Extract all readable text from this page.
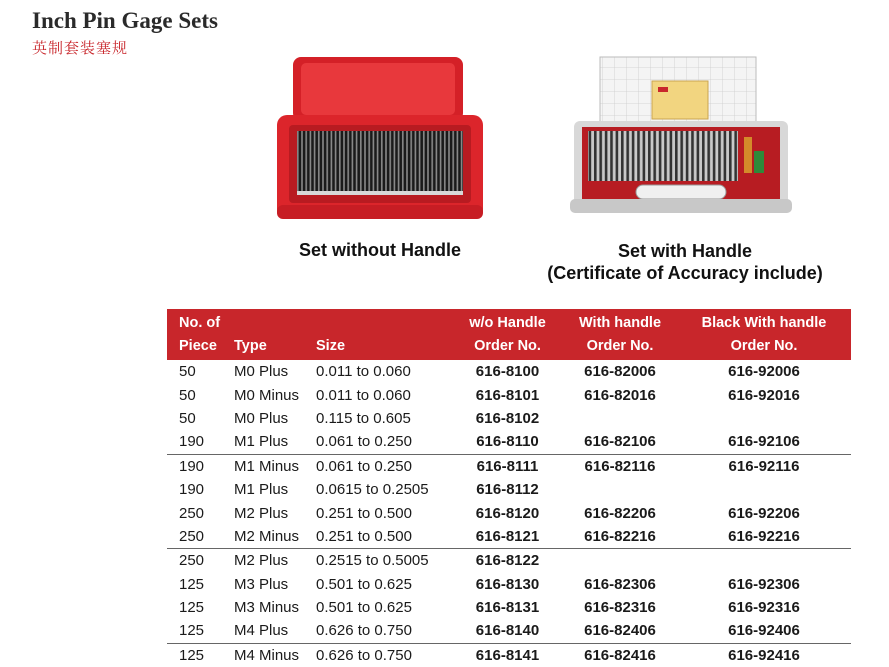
Inch Pin Gage Sets
英制套装塞规
Set without Handle	Set with Handle
(Certificate of Accuracy include)
No. of			w/o Handle	With handle	Black With handle
Piece	Type	Size	Order No.	Order No.	Order No.
50	M0 Plus	0.011 to 0.060	616-8100	616-82006	616-92006
50	M0 Minus	0.011 to 0.060	616-8101	616-82016	616-92016
50	M0 Plus	0.115 to 0.605	616-8102		
190	M1 Plus	0.061 to 0.250	616-8110	616-82106	616-92106
190	M1 Minus	0.061 to 0.250	616-8111	616-82116	616-92116
190	M1 Plus	0.0615 to 0.2505	616-8112		
250	M2 Plus	0.251 to 0.500	616-8120	616-82206	616-92206
250	M2 Minus	0.251 to 0.500	616-8121	616-82216	616-92216
250	M2 Plus	0.2515 to 0.5005	616-8122		
125	M3 Plus	0.501 to 0.625	616-8130	616-82306	616-92306
125	M3 Minus	0.501 to 0.625	616-8131	616-82316	616-92316
125	M4 Plus	0.626 to 0.750	616-8140	616-82406	616-92406
125	M4 Minus	0.626 to 0.750	616-8141	616-82416	616-92416
